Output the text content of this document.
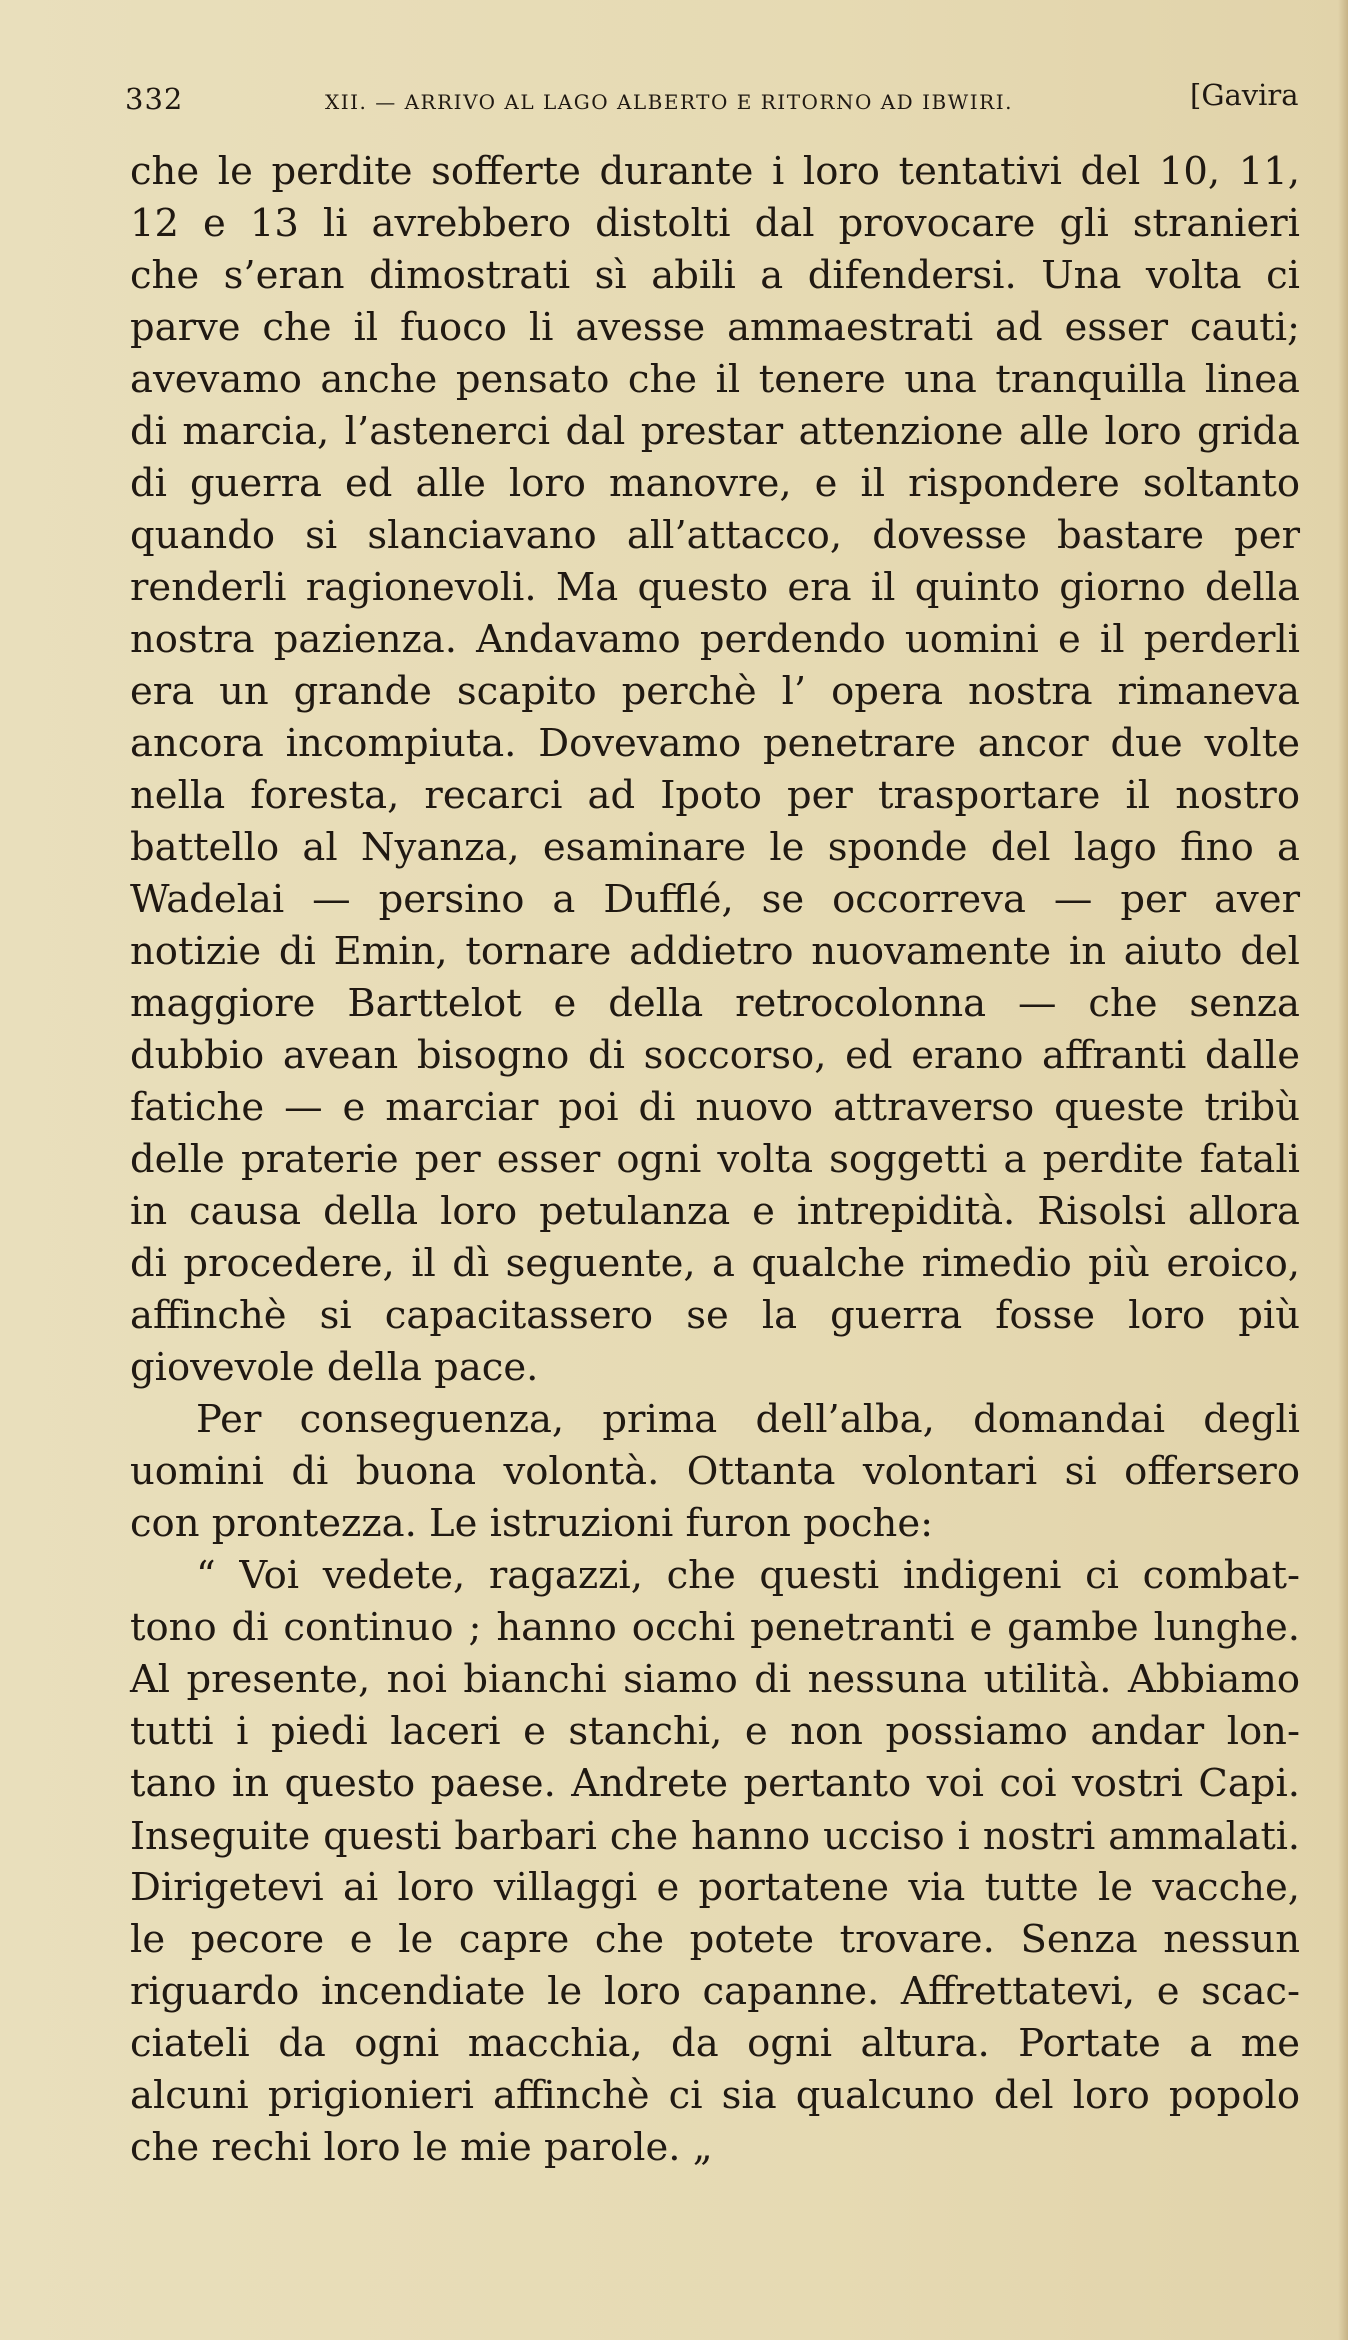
332	XII. — ARRIVO AL LAGO ALBERTO E RITORNO AD IBWIRI.	[Gavira
che le perdite sofferte durante i loro tentativi del 10, 11,
12 e 13 li avrebbero distolti dal provocare gli stranieri
che s’eran dimostrati sì abili a difendersi. Una volta ci
parve che il fuoco li avesse ammaestrati ad esser cauti;
avevamo anche pensato che il tenere una tranquilla linea
di marcia, l’astenerci dal prestar attenzione alle loro grida
di guerra ed alle loro manovre, e il rispondere soltanto
quando si slanciavano all’attacco, dovesse bastare per
renderli ragionevoli. Ma questo era il quinto giorno della
nostra pazienza. Andavamo perdendo uomini e il perderli
era un grande scapito perchè l’ opera nostra rimaneva
ancora incompiuta. Dovevamo penetrare ancor due volte
nella foresta, recarci ad Ipoto per trasportare il nostro
battello al Nyanza, esaminare le sponde del lago fino a
Wadelai — persino a Dufflé, se occorreva — per aver
notizie di Emin, tornare addietro nuovamente in aiuto del
maggiore Barttelot e della retrocolonna — che senza
dubbio avean bisogno di soccorso, ed erano affranti dalle
fatiche — e marciar poi di nuovo attraverso queste tribù
delle praterie per esser ogni volta soggetti a perdite fatali
in causa della loro petulanza e intrepidità. Risolsi allora
di procedere, il dì seguente, a qualche rimedio più eroico,
affinchè si capacitassero se la guerra fosse loro più
giovevole della pace.
Per conseguenza, prima dell’alba, domandai degli
uomini di buona volontà. Ottanta volontari si offersero
con prontezza. Le istruzioni furon poche:
“ Voi vedete, ragazzi, che questi indigeni ci combat-
tono di continuo ; hanno occhi penetranti e gambe lunghe.
Al presente, noi bianchi siamo di nessuna utilità. Abbiamo
tutti i piedi laceri e stanchi, e non possiamo andar lon-
tano in questo paese. Andrete pertanto voi coi vostri Capi.
Inseguite questi barbari che hanno ucciso i nostri ammalati.
Dirigetevi ai loro villaggi e portatene via tutte le vacche,
le pecore e le capre che potete trovare. Senza nessun
riguardo incendiate le loro capanne. Affrettatevi, e scac-
ciateli da ogni macchia, da ogni altura. Portate a me
alcuni prigionieri affinchè ci sia qualcuno del loro popolo
che rechi loro le mie parole. „
